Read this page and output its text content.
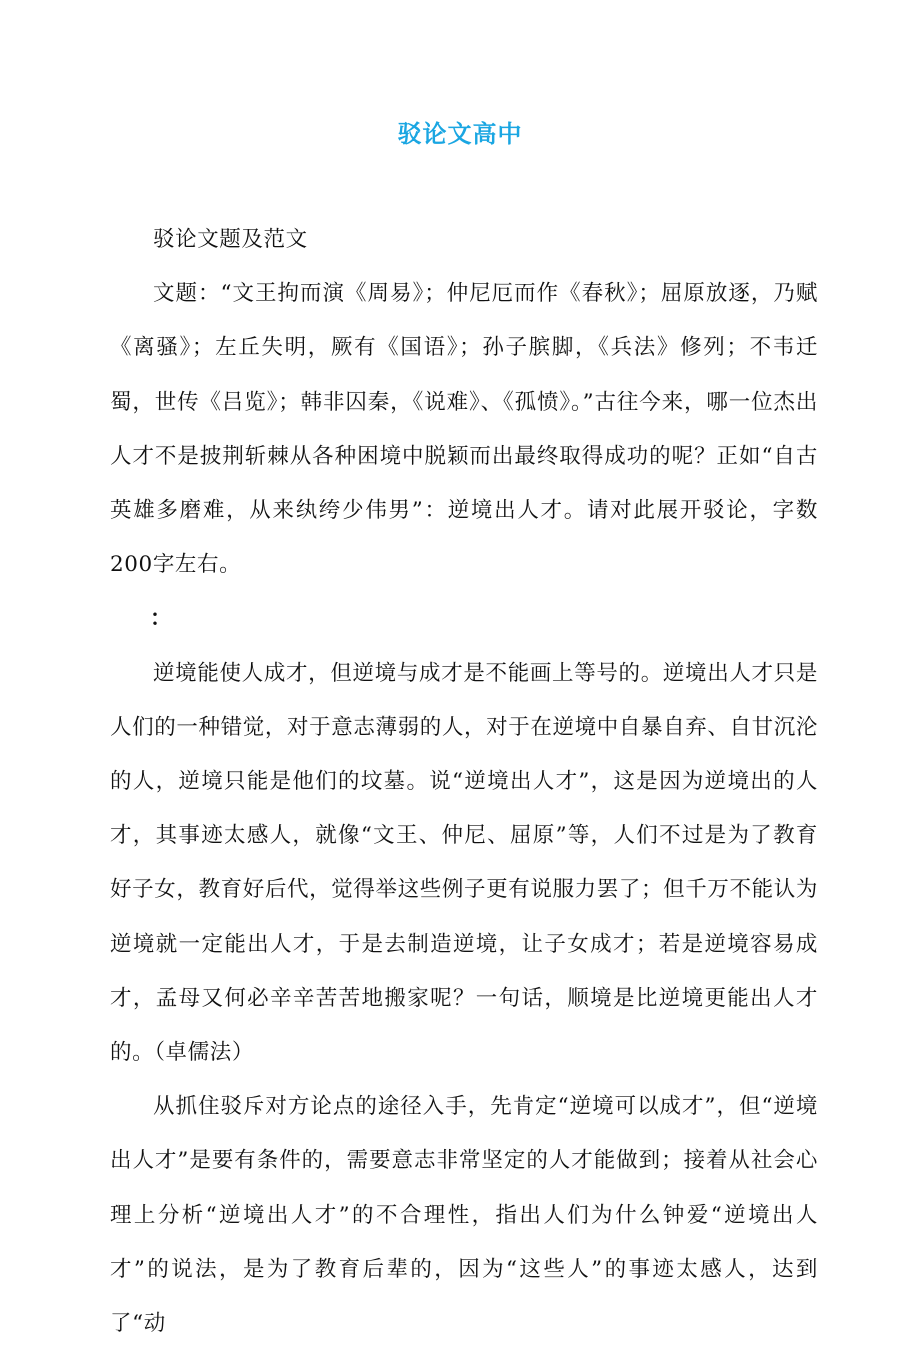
驳论文高中

驳论文题及范文

文题：“文王拘而演《周易》；仲尼厄而作《春秋》；屈原放逐，乃赋《离骚》；左丘失明，厥有《国语》；孙子膑脚，《兵法》修列；不韦迁蜀，世传《吕览》；韩非囚秦，《说难》、《孤愤》。”古往今来，哪一位杰出人才不是披荆斩棘从各种困境中脱颖而出最终取得成功的呢？正如“自古英雄多磨难，从来纨绔少伟男”：逆境出人才。请对此展开驳论，字数200字左右。

：

逆境能使人成才，但逆境与成才是不能画上等号的。逆境出人才只是人们的一种错觉，对于意志薄弱的人，对于在逆境中自暴自弃、自甘沉沦的人，逆境只能是他们的坟墓。说“逆境出人才”，这是因为逆境出的人才，其事迹太感人，就像“文王、仲尼、屈原”等，人们不过是为了教育好子女，教育好后代，觉得举这些例子更有说服力罢了；但千万不能认为逆境就一定能出人才，于是去制造逆境，让子女成才；若是逆境容易成才，孟母又何必辛辛苦苦地搬家呢？一句话，顺境是比逆境更能出人才的。（卓儒法）

从抓住驳斥对方论点的途径入手，先肯定“逆境可以成才”，但“逆境出人才”是要有条件的，需要意志非常坚定的人才能做到；接着从社会心理上分析“逆境出人才”的不合理性，指出人们为什么钟爱“逆境出人才”的说法，是为了教育后辈的，因为“这些人”的事迹太感人，达到了“动
